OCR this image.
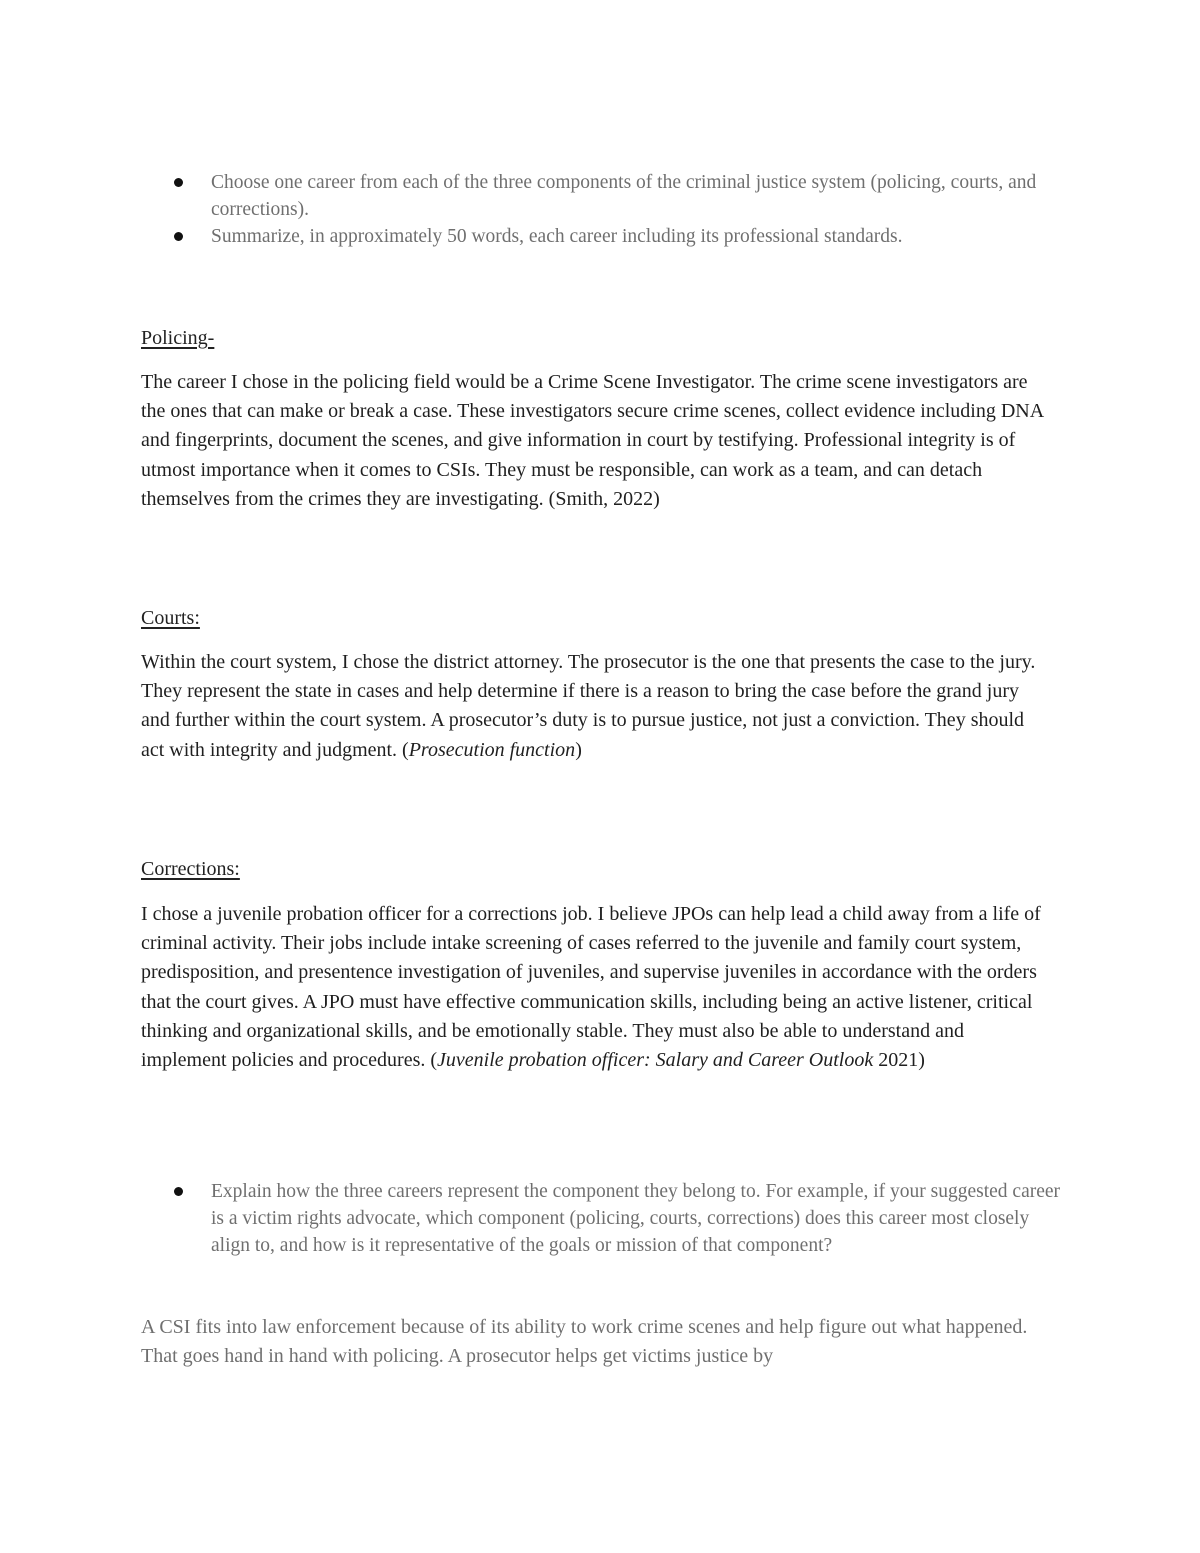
Choose one career from each of the three components of the criminal justice system (policing, courts, and corrections).
Summarize, in approximately 50 words, each career including its professional standards.
Policing-

The career I chose in the policing field would be a Crime Scene Investigator. The crime scene investigators are the ones that can make or break a case. These investigators secure crime scenes, collect evidence including DNA and fingerprints, document the scenes, and give information in court by testifying. Professional integrity is of utmost importance when it comes to CSIs. They must be responsible, can work as a team, and can detach themselves from the crimes they are investigating. (Smith, 2022)

Courts:

Within the court system, I chose the district attorney. The prosecutor is the one that presents the case to the jury. They represent the state in cases and help determine if there is a reason to bring the case before the grand jury and further within the court system. A prosecutor’s duty is to pursue justice, not just a conviction. They should act with integrity and judgment. (Prosecution function)

Corrections:

I chose a juvenile probation officer for a corrections job. I believe JPOs can help lead a child away from a life of criminal activity. Their jobs include intake screening of cases referred to the juvenile and family court system, predisposition, and presentence investigation of juveniles, and supervise juveniles in accordance with the orders that the court gives. A JPO must have effective communication skills, including being an active listener, critical thinking and organizational skills, and be emotionally stable. They must also be able to understand and implement policies and procedures. (Juvenile probation officer: Salary and Career Outlook 2021)

Explain how the three careers represent the component they belong to. For example, if your suggested career is a victim rights advocate, which component (policing, courts, corrections) does this career most closely align to, and how is it representative of the goals or mission of that component?

A CSI fits into law enforcement because of its ability to work crime scenes and help figure out what happened. That goes hand in hand with policing. A prosecutor helps get victims justice by
